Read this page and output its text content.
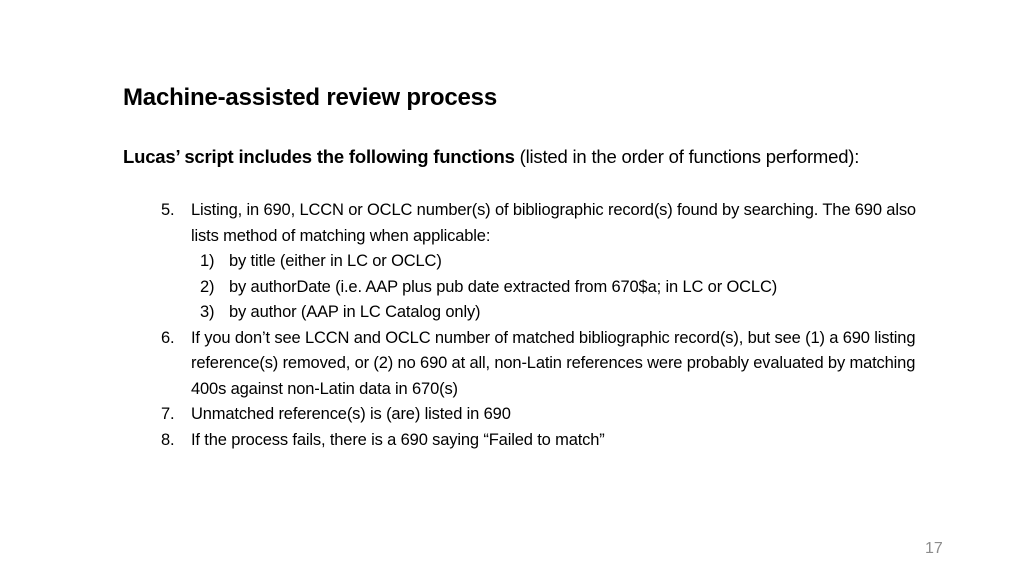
Machine-assisted review process
Lucas’ script includes the following functions (listed in the order of functions performed):
5. Listing, in 690, LCCN or OCLC number(s) of bibliographic record(s) found by searching. The 690 also lists method of matching when applicable:
1) by title (either in LC or OCLC)
2) by authorDate (i.e. AAP plus pub date extracted from 670$a; in LC or OCLC)
3) by author (AAP in LC Catalog only)
6. If you don’t see LCCN and OCLC number of matched bibliographic record(s), but see (1) a 690 listing reference(s) removed, or (2) no 690 at all, non-Latin references were probably evaluated by matching 400s against non-Latin data in 670(s)
7. Unmatched reference(s) is (are) listed in 690
8. If the process fails, there is a 690 saying “Failed to match”
17
